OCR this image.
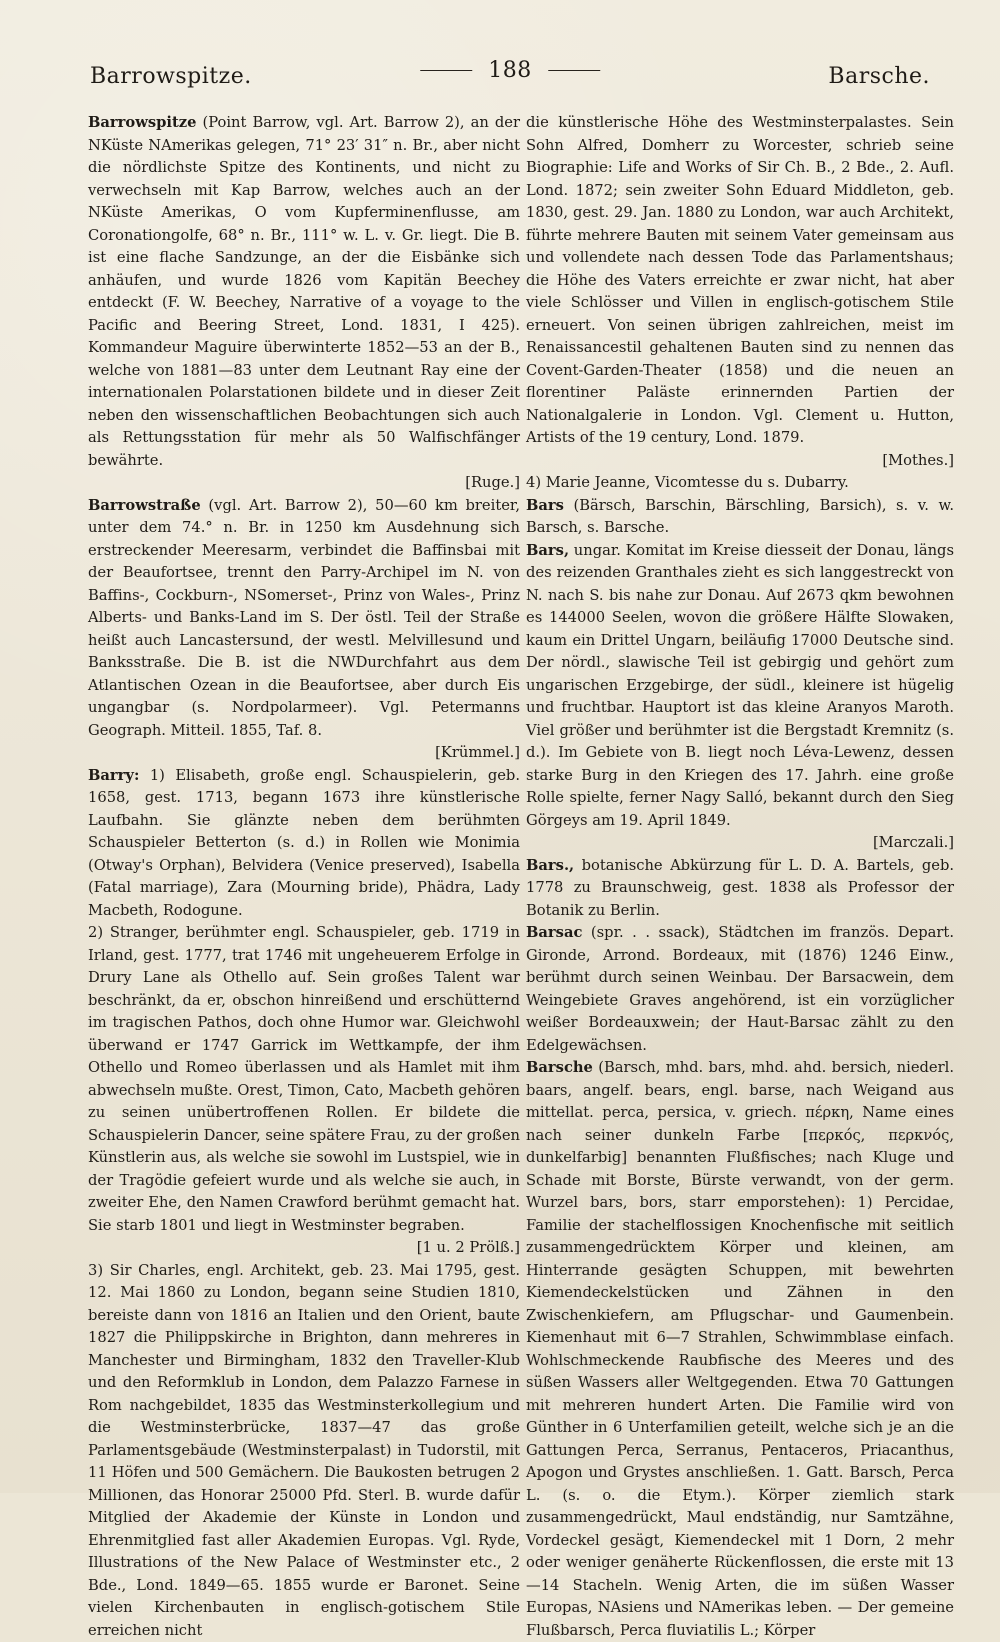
Barrowspitze.	188	Barsche.

Barrowspitze (Point Barrow, vgl. Art. Barrow 2), an der NKüste NAmerikas gelegen, 71° 23′ 31″ n. Br., aber nicht die nördlichste Spitze des Kontinents, und nicht zu verwechseln mit Kap Barrow, welches auch an der NKüste Amerikas, O vom Kupferminenflusse, am Coronationgolfe, 68° n. Br., 111° w. L. v. Gr. liegt. Die B. ist eine flache Sandzunge, an der die Eisbänke sich anhäufen, und wurde 1826 vom Kapitän Beechey entdeckt (F. W. Beechey, Narrative of a voyage to the Pacific and Beering Street, Lond. 1831, I 425). Kommandeur Maguire überwinterte 1852—53 an der B., welche von 1881—83 unter dem Leutnant Ray eine der internationalen Polarstationen bildete und in dieser Zeit neben den wissenschaftlichen Beobachtungen sich auch als Rettungsstation für mehr als 50 Walfischfänger bewährte.

[Ruge.]

Barrowstraße (vgl. Art. Barrow 2), 50—60 km breiter, unter dem 74.° n. Br. in 1250 km Ausdehnung sich erstreckender Meeresarm, verbindet die Baffinsbai mit der Beaufortsee, trennt den Parry-Archipel im N. von Baffins-, Cockburn-, NSomerset-, Prinz von Wales-, Prinz Alberts- und Banks-Land im S. Der östl. Teil der Straße heißt auch Lancastersund, der westl. Melvillesund und Banksstraße. Die B. ist die NWDurchfahrt aus dem Atlantischen Ozean in die Beaufortsee, aber durch Eis ungangbar (s. Nordpolarmeer). Vgl. Petermanns Geograph. Mitteil. 1855, Taf. 8.

[Krümmel.]

Barry: 1) Elisabeth, große engl. Schauspielerin, geb. 1658, gest. 1713, begann 1673 ihre künstlerische Laufbahn. Sie glänzte neben dem berühmten Schauspieler Betterton (s. d.) in Rollen wie Monimia (Otway's Orphan), Belvidera (Venice preserved), Isabella (Fatal marriage), Zara (Mourning bride), Phädra, Lady Macbeth, Rodogune.

2) Stranger, berühmter engl. Schauspieler, geb. 1719 in Irland, gest. 1777, trat 1746 mit ungeheuerem Erfolge in Drury Lane als Othello auf. Sein großes Talent war beschränkt, da er, obschon hinreißend und erschütternd im tragischen Pathos, doch ohne Humor war. Gleichwohl überwand er 1747 Garrick im Wettkampfe, der ihm Othello und Romeo überlassen und als Hamlet mit ihm abwechseln mußte. Orest, Timon, Cato, Macbeth gehören zu seinen unübertroffenen Rollen. Er bildete die Schauspielerin Dancer, seine spätere Frau, zu der großen Künstlerin aus, als welche sie sowohl im Lustspiel, wie in der Tragödie gefeiert wurde und als welche sie auch, in zweiter Ehe, den Namen Crawford berühmt gemacht hat. Sie starb 1801 und liegt in Westminster begraben.

[1 u. 2 Prölß.]

3) Sir Charles, engl. Architekt, geb. 23. Mai 1795, gest. 12. Mai 1860 zu London, begann seine Studien 1810, bereiste dann von 1816 an Italien und den Orient, baute 1827 die Philippskirche in Brighton, dann mehreres in Manchester und Birmingham, 1832 den Traveller-Klub und den Reformklub in London, dem Palazzo Farnese in Rom nachgebildet, 1835 das Westminsterkollegium und die Westminsterbrücke, 1837—47 das große Parlamentsgebäude (Westminsterpalast) in Tudorstil, mit 11 Höfen und 500 Gemächern. Die Baukosten betrugen 2 Millionen, das Honorar 25000 Pfd. Sterl. B. wurde dafür Mitglied der Akademie der Künste in London und Ehrenmitglied fast aller Akademien Europas. Vgl. Ryde, Illustrations of the New Palace of Westminster etc., 2 Bde., Lond. 1849—65. 1855 wurde er Baronet. Seine vielen Kirchenbauten in englisch-gotischem Stile erreichen nicht

die künstlerische Höhe des Westminsterpalastes. Sein Sohn Alfred, Domherr zu Worcester, schrieb seine Biographie: Life and Works of Sir Ch. B., 2 Bde., 2. Aufl. Lond. 1872; sein zweiter Sohn Eduard Middleton, geb. 1830, gest. 29. Jan. 1880 zu London, war auch Architekt, führte mehrere Bauten mit seinem Vater gemeinsam aus und vollendete nach dessen Tode das Parlamentshaus; die Höhe des Vaters erreichte er zwar nicht, hat aber viele Schlösser und Villen in englisch-gotischem Stile erneuert. Von seinen übrigen zahlreichen, meist im Renaissancestil gehaltenen Bauten sind zu nennen das Covent-Garden-Theater (1858) und die neuen an florentiner Paläste erinnernden Partien der Nationalgalerie in London. Vgl. Clement u. Hutton, Artists of the 19 century, Lond. 1879.

[Mothes.]

4) Marie Jeanne, Vicomtesse du s. Dubarry.

Bars (Bärsch, Barschin, Bärschling, Barsich), s. v. w. Barsch, s. Barsche.

Bars, ungar. Komitat im Kreise diesseit der Donau, längs des reizenden Granthales zieht es sich langgestreckt von N. nach S. bis nahe zur Donau. Auf 2673 qkm bewohnen es 144000 Seelen, wovon die größere Hälfte Slowaken, kaum ein Drittel Ungarn, beiläufig 17000 Deutsche sind. Der nördl., slawische Teil ist gebirgig und gehört zum ungarischen Erzgebirge, der südl., kleinere ist hügelig und fruchtbar. Hauptort ist das kleine Aranyos Maroth. Viel größer und berühmter ist die Bergstadt Kremnitz (s. d.). Im Gebiete von B. liegt noch Léva-Lewenz, dessen starke Burg in den Kriegen des 17. Jahrh. eine große Rolle spielte, ferner Nagy Salló, bekannt durch den Sieg Görgeys am 19. April 1849.

[Marczali.]

Bars., botanische Abkürzung für L. D. A. Bartels, geb. 1778 zu Braunschweig, gest. 1838 als Professor der Botanik zu Berlin.

Barsac (spr. . . ssack), Städtchen im französ. Depart. Gironde, Arrond. Bordeaux, mit (1876) 1246 Einw., berühmt durch seinen Weinbau. Der Barsacwein, dem Weingebiete Graves angehörend, ist ein vorzüglicher weißer Bordeauxwein; der Haut-Barsac zählt zu den Edelgewächsen.

Barsche (Barsch, mhd. bars, mhd. ahd. bersich, niederl. baars, angelf. bears, engl. barse, nach Weigand aus mittellat. perca, persica, v. griech. πέρκη, Name eines nach seiner dunkeln Farbe [περκός, περκνός, dunkelfarbig] benannten Flußfisches; nach Kluge und Schade mit Borste, Bürste verwandt, von der germ. Wurzel bars, bors, starr emporstehen): 1) Percidae, Familie der stachelflossigen Knochenfische mit seitlich zusammengedrücktem Körper und kleinen, am Hinterrande gesägten Schuppen, mit bewehrten Kiemendeckelstücken und Zähnen in den Zwischenkiefern, am Pflugschar- und Gaumenbein. Kiemenhaut mit 6—7 Strahlen, Schwimmblase einfach. Wohlschmeckende Raubfische des Meeres und des süßen Wassers aller Weltgegenden. Etwa 70 Gattungen mit mehreren hundert Arten. Die Familie wird von Günther in 6 Unterfamilien geteilt, welche sich je an die Gattungen Perca, Serranus, Pentaceros, Priacanthus, Apogon und Grystes anschließen. 1. Gatt. Barsch, Perca L. (s. o. die Etym.). Körper ziemlich stark zusammengedrückt, Maul endständig, nur Samtzähne, Vordeckel gesägt, Kiemendeckel mit 1 Dorn, 2 mehr oder weniger genäherte Rückenflossen, die erste mit 13—14 Stacheln. Wenig Arten, die im süßen Wasser Europas, NAsiens und NAmerikas leben. — Der gemeine Flußbarsch, Perca fluviatilis L.; Körper
